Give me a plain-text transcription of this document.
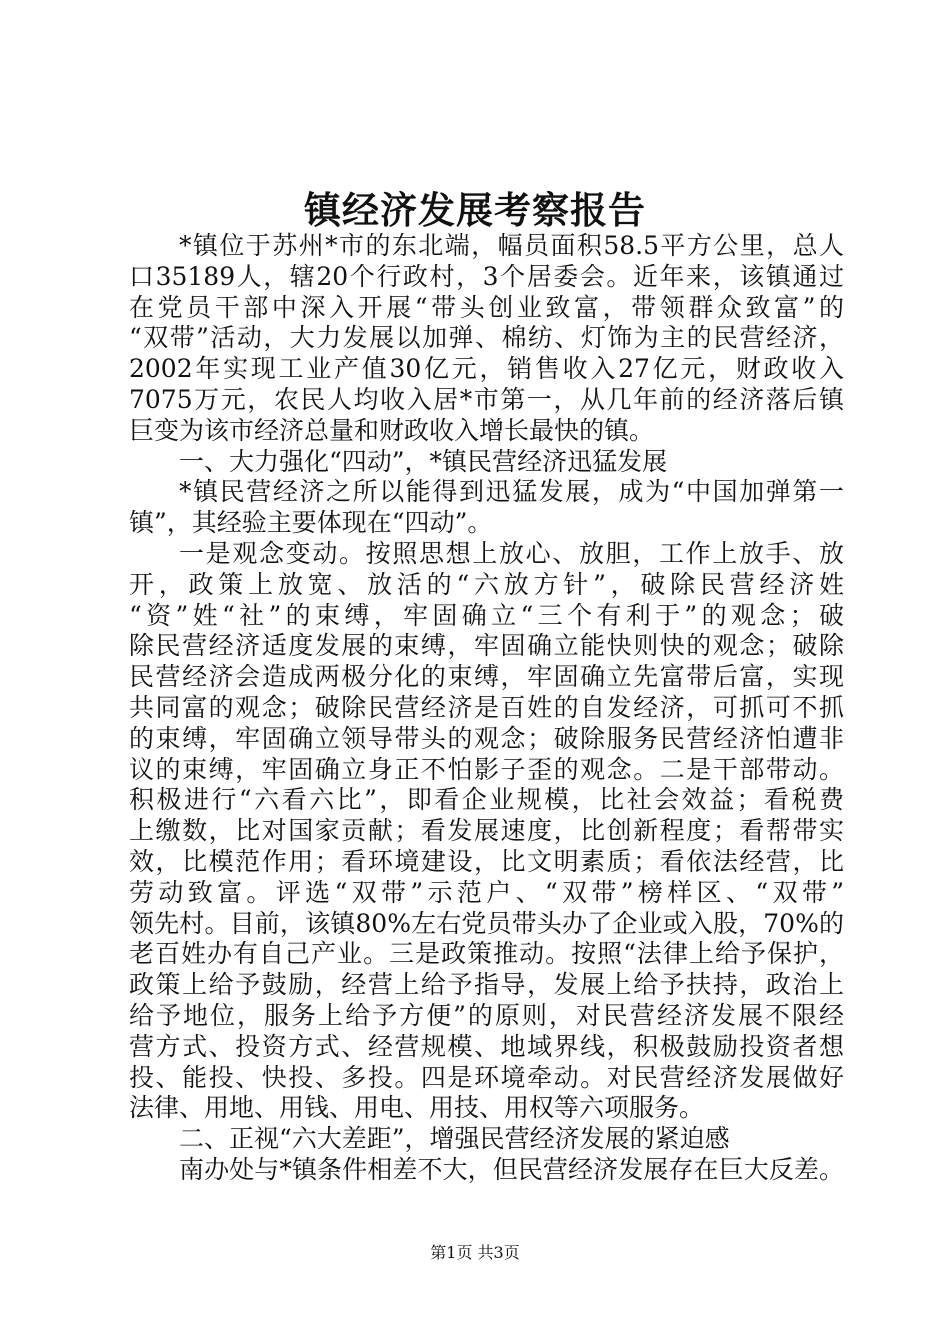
镇经济发展考察报告
*镇位于苏州*市的东北端，幅员面积58.5平方公里，总人
口35189人，辖20个行政村，3个居委会。近年来，该镇通过
在党员干部中深入开展“带头创业致富，带领群众致富”的
“双带”活动，大力发展以加弹、棉纺、灯饰为主的民营经济，
2002年实现工业产值30亿元，销售收入27亿元，财政收入
7075万元，农民人均收入居*市第一，从几年前的经济落后镇
巨变为该市经济总量和财政收入增长最快的镇。
一、大力强化“四动”，*镇民营经济迅猛发展
*镇民营经济之所以能得到迅猛发展，成为“中国加弹第一
镇”，其经验主要体现在“四动”。
一是观念变动。按照思想上放心、放胆，工作上放手、放
开，政策上放宽、放活的“六放方针”，破除民营经济姓
“资”姓“社”的束缚，牢固确立“三个有利于”的观念；破
除民营经济适度发展的束缚，牢固确立能快则快的观念；破除
民营经济会造成两极分化的束缚，牢固确立先富带后富，实现
共同富的观念；破除民营经济是百姓的自发经济，可抓可不抓
的束缚，牢固确立领导带头的观念；破除服务民营经济怕遭非
议的束缚，牢固确立身正不怕影子歪的观念。二是干部带动。
积极进行“六看六比”，即看企业规模，比社会效益；看税费
上缴数，比对国家贡献；看发展速度，比创新程度；看帮带实
效，比模范作用；看环境建设，比文明素质；看依法经营，比
劳动致富。评选“双带”示范户、“双带”榜样区、“双带”
领先村。目前，该镇80%左右党员带头办了企业或入股，70%的
老百姓办有自己产业。三是政策推动。按照“法律上给予保护，
政策上给予鼓励，经营上给予指导，发展上给予扶持，政治上
给予地位，服务上给予方便”的原则，对民营经济发展不限经
营方式、投资方式、经营规模、地域界线，积极鼓励投资者想
投、能投、快投、多投。四是环境牵动。对民营经济发展做好
法律、用地、用钱、用电、用技、用权等六项服务。
二、正视“六大差距”，增强民营经济发展的紧迫感
南办处与*镇条件相差不大，但民营经济发展存在巨大反差。
第1页 共3页
